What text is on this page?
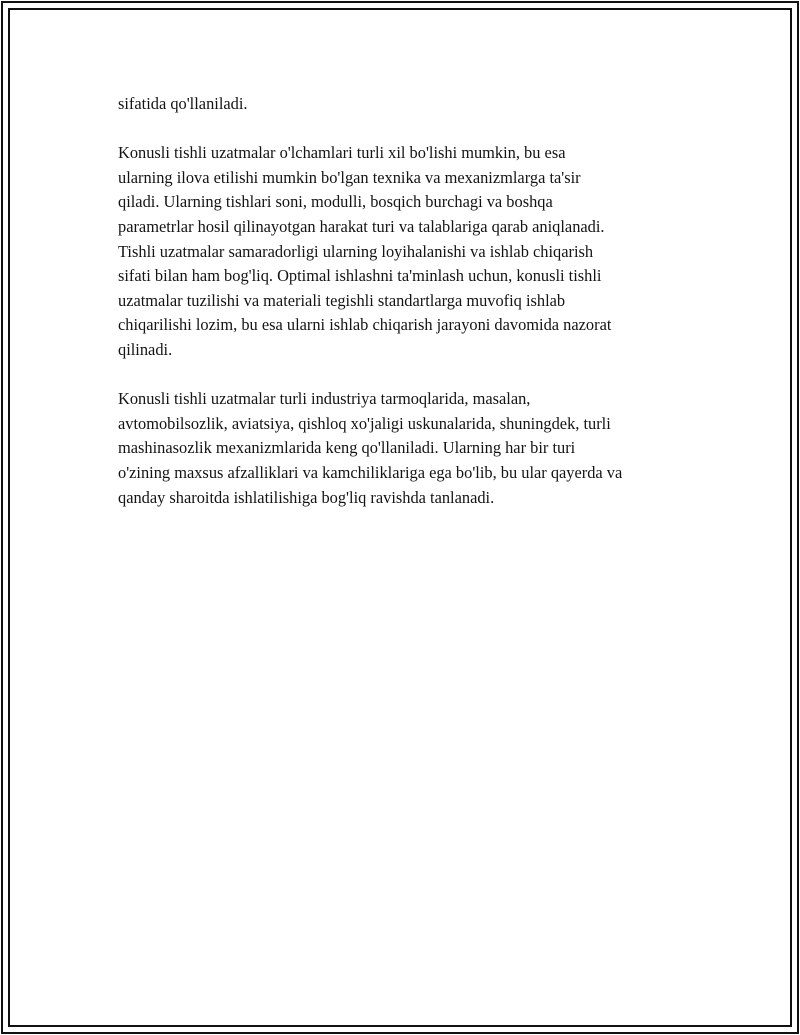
sifatida qo'llaniladi.

Konusli tishli uzatmalar o'lchamlari turli xil bo'lishi mumkin, bu esa
ularning ilova etilishi mumkin bo'lgan texnika va mexanizmlarga ta'sir
qiladi. Ularning tishlari soni, modulli, bosqich burchagi va boshqa
parametrlar hosil qilinayotgan harakat turi va talablariga qarab aniqlanadi.
Tishli uzatmalar samaradorligi ularning loyihalanishi va ishlab chiqarish
sifati bilan ham bog'liq. Optimal ishlashni ta'minlash uchun, konusli tishli
uzatmalar tuzilishi va materiali tegishli standartlarga muvofiq ishlab
chiqarilishi lozim, bu esa ularni ishlab chiqarish jarayoni davomida nazorat
qilinadi.

Konusli tishli uzatmalar turli industriya tarmoqlarida, masalan,
avtomobilsozlik, aviatsiya, qishloq xo'jaligi uskunalarida, shuningdek, turli
mashinasozlik mexanizmlarida keng qo'llaniladi. Ularning har bir turi
o'zining maxsus afzalliklari va kamchiliklariga ega bo'lib, bu ular qayerda va
qanday sharoitda ishlatilishiga bog'liq ravishda tanlanadi.
